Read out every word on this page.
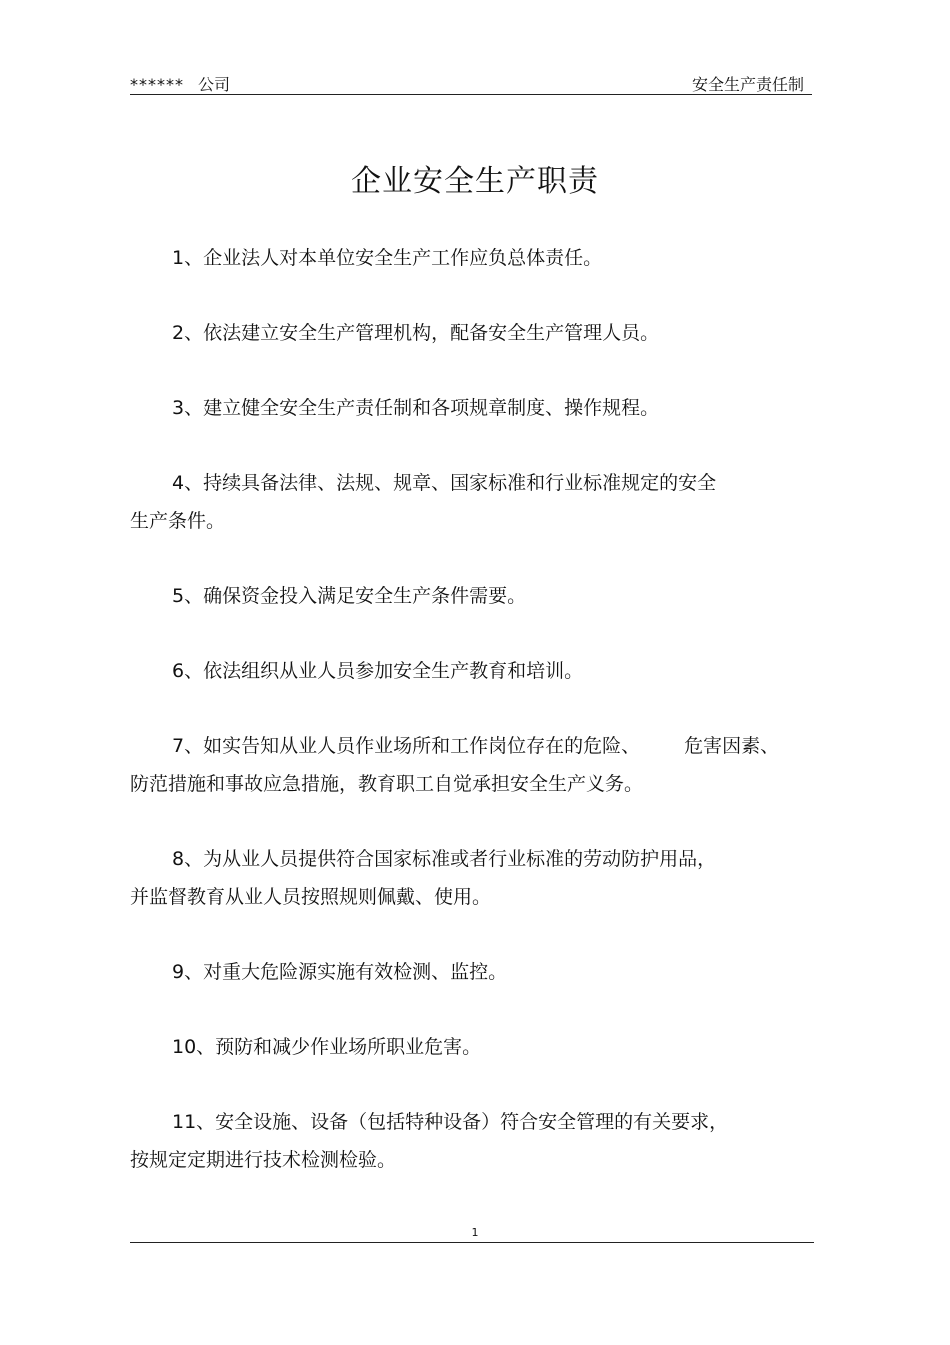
****** 公司	安全生产责任制
企业安全生产职责
1、企业法人对本单位安全生产工作应负总体责任。
2、依法建立安全生产管理机构，配备安全生产管理人员。
3、建立健全安全生产责任制和各项规章制度、操作规程。
4、持续具备法律、法规、规章、国家标准和行业标准规定的安全
生产条件。
5、确保资金投入满足安全生产条件需要。
6、依法组织从业人员参加安全生产教育和培训。
7、如实告知从业人员作业场所和工作岗位存在的危险、 危害因素、
防范措施和事故应急措施，教育职工自觉承担安全生产义务。
8、为从业人员提供符合国家标准或者行业标准的劳动防护用品，
并监督教育从业人员按照规则佩戴、使用。
9、对重大危险源实施有效检测、监控。
10、预防和减少作业场所职业危害。
11、安全设施、设备（包括特种设备）符合安全管理的有关要求，
按规定定期进行技术检测检验。
1
